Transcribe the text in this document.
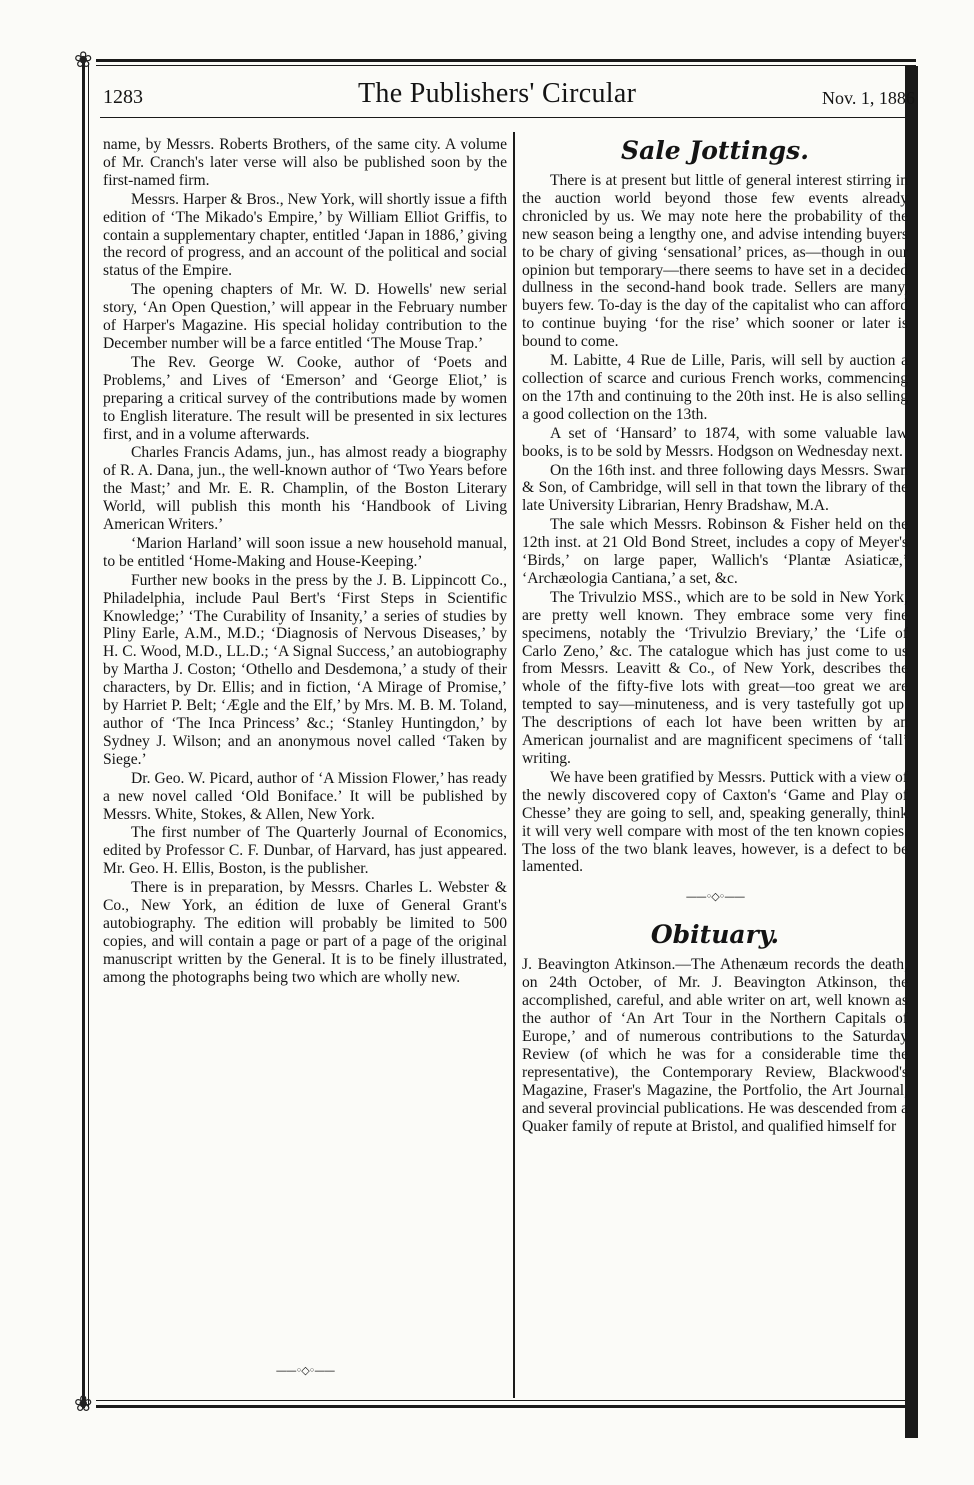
❀
❀
1283	The Publishers' Circular	Nov. 1, 1886

name, by Messrs. Roberts Brothers, of the same city. A volume of Mr. Cranch's later verse will also be published soon by the first-named firm.

Messrs. Harper & Bros., New York, will shortly issue a fifth edition of ‘The Mikado's Empire,’ by William Elliot Griffis, to contain a supplementary chapter, entitled ‘Japan in 1886,’ giving the record of progress, and an account of the political and social status of the Empire.

The opening chapters of Mr. W. D. Howells' new serial story, ‘An Open Question,’ will appear in the February number of Harper's Magazine. His special holiday contribution to the December number will be a farce entitled ‘The Mouse Trap.’

The Rev. George W. Cooke, author of ‘Poets and Problems,’ and Lives of ‘Emerson’ and ‘George Eliot,’ is preparing a critical survey of the contributions made by women to English literature. The result will be presented in six lectures first, and in a volume afterwards.

Charles Francis Adams, jun., has almost ready a biography of R. A. Dana, jun., the well-known author of ‘Two Years before the Mast;’ and Mr. E. R. Champlin, of the Boston Literary World, will publish this month his ‘Handbook of Living American Writers.’

‘Marion Harland’ will soon issue a new household manual, to be entitled ‘Home-Making and House-Keeping.’

Further new books in the press by the J. B. Lippincott Co., Philadelphia, include Paul Bert's ‘First Steps in Scientific Knowledge;’ ‘The Curability of Insanity,’ a series of studies by Pliny Earle, A.M., M.D.; ‘Diagnosis of Nervous Diseases,’ by H. C. Wood, M.D., LL.D.; ‘A Signal Success,’ an autobiography by Martha J. Coston; ‘Othello and Desdemona,’ a study of their characters, by Dr. Ellis; and in fiction, ‘A Mirage of Promise,’ by Harriet P. Belt; ‘Ægle and the Elf,’ by Mrs. M. B. M. Toland, author of ‘The Inca Princess’ &c.; ‘Stanley Huntingdon,’ by Sydney J. Wilson; and an anonymous novel called ‘Taken by Siege.’

Dr. Geo. W. Picard, author of ‘A Mission Flower,’ has ready a new novel called ‘Old Boniface.’ It will be published by Messrs. White, Stokes, & Allen, New York.

The first number of The Quarterly Journal of Economics, edited by Professor C. F. Dunbar, of Harvard, has just appeared. Mr. Geo. H. Ellis, Boston, is the publisher.

There is in preparation, by Messrs. Charles L. Webster & Co., New York, an édition de luxe of General Grant's autobiography. The edition will probably be limited to 500 copies, and will contain a page or part of a page of the original manuscript written by the General. It is to be finely illustrated, among the photographs being two which are wholly new.

——◦◇◦——
Sale Jottings.

There is at present but little of general interest stirring in the auction world beyond those few events already chronicled by us. We may note here the probability of the new season being a lengthy one, and advise intending buyers to be chary of giving ‘sensational’ prices, as—though in our opinion but temporary—there seems to have set in a decided dullness in the second-hand book trade. Sellers are many, buyers few. To-day is the day of the capitalist who can afford to continue buying ‘for the rise’ which sooner or later is bound to come.

M. Labitte, 4 Rue de Lille, Paris, will sell by auction a collection of scarce and curious French works, commencing on the 17th and continuing to the 20th inst. He is also selling a good collection on the 13th.

A set of ‘Hansard’ to 1874, with some valuable law books, is to be sold by Messrs. Hodgson on Wednesday next.

On the 16th inst. and three following days Messrs. Swan & Son, of Cambridge, will sell in that town the library of the late University Librarian, Henry Bradshaw, M.A.

The sale which Messrs. Robinson & Fisher held on the 12th inst. at 21 Old Bond Street, includes a copy of Meyer's ‘Birds,’ on large paper, Wallich's ‘Plantæ Asiaticæ,’ ‘Archæologia Cantiana,’ a set, &c.

The Trivulzio MSS., which are to be sold in New York, are pretty well known. They embrace some very fine specimens, notably the ‘Trivulzio Breviary,’ the ‘Life of Carlo Zeno,’ &c. The catalogue which has just come to us from Messrs. Leavitt & Co., of New York, describes the whole of the fifty-five lots with great—too great we are tempted to say—minuteness, and is very tastefully got up. The descriptions of each lot have been written by an American journalist and are magnificent specimens of ‘tall’ writing.

We have been gratified by Messrs. Puttick with a view of the newly discovered copy of Caxton's ‘Game and Play of Chesse’ they are going to sell, and, speaking generally, think it will very well compare with most of the ten known copies. The loss of the two blank leaves, however, is a defect to be lamented.

——◦◇◦——
Obituary.

J. Beavington Atkinson.—The Athenæum records the death, on 24th October, of Mr. J. Beavington Atkinson, the accomplished, careful, and able writer on art, well known as the author of ‘An Art Tour in the Northern Capitals of Europe,’ and of numerous contributions to the Saturday Review (of which he was for a considerable time the representative), the Contemporary Review, Blackwood's Magazine, Fraser's Magazine, the Portfolio, the Art Journal, and several provincial publications. He was descended from a Quaker family of repute at Bristol, and qualified himself for
